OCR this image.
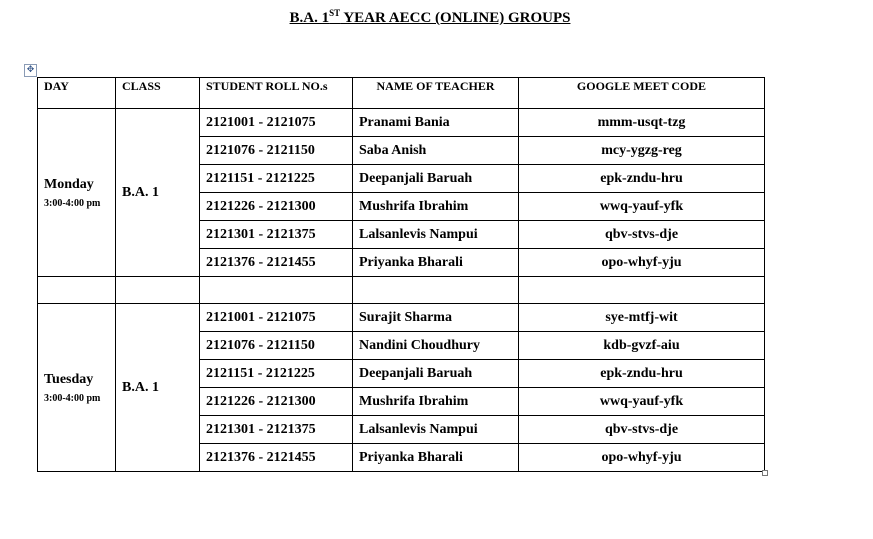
B.A. 1ST YEAR AECC (ONLINE) GROUPS
✥
DAY	CLASS	STUDENT ROLL NO.s	NAME OF TEACHER	GOOGLE MEET CODE

Monday
3:00-4:00 pm	B.A. 1	2121001 - 2121075	Pranami Bania	mmm-usqt-tzg
		2121076 - 2121150	Saba Anish	mcy-ygzg-reg
		2121151 - 2121225	Deepanjali Baruah	epk-zndu-hru
		2121226 - 2121300	Mushrifa Ibrahim	wwq-yauf-yfk
		2121301 - 2121375	Lalsanlevis Nampui	qbv-stvs-dje
		2121376 - 2121455	Priyanka Bharali	opo-whyf-yju

Tuesday
3:00-4:00 pm	B.A. 1	2121001 - 2121075	Surajit Sharma	sye-mtfj-wit
		2121076 - 2121150	Nandini Choudhury	kdb-gvzf-aiu
		2121151 - 2121225	Deepanjali Baruah	epk-zndu-hru
		2121226 - 2121300	Mushrifa Ibrahim	wwq-yauf-yfk
		2121301 - 2121375	Lalsanlevis Nampui	qbv-stvs-dje
		2121376 - 2121455	Priyanka Bharali	opo-whyf-yju
